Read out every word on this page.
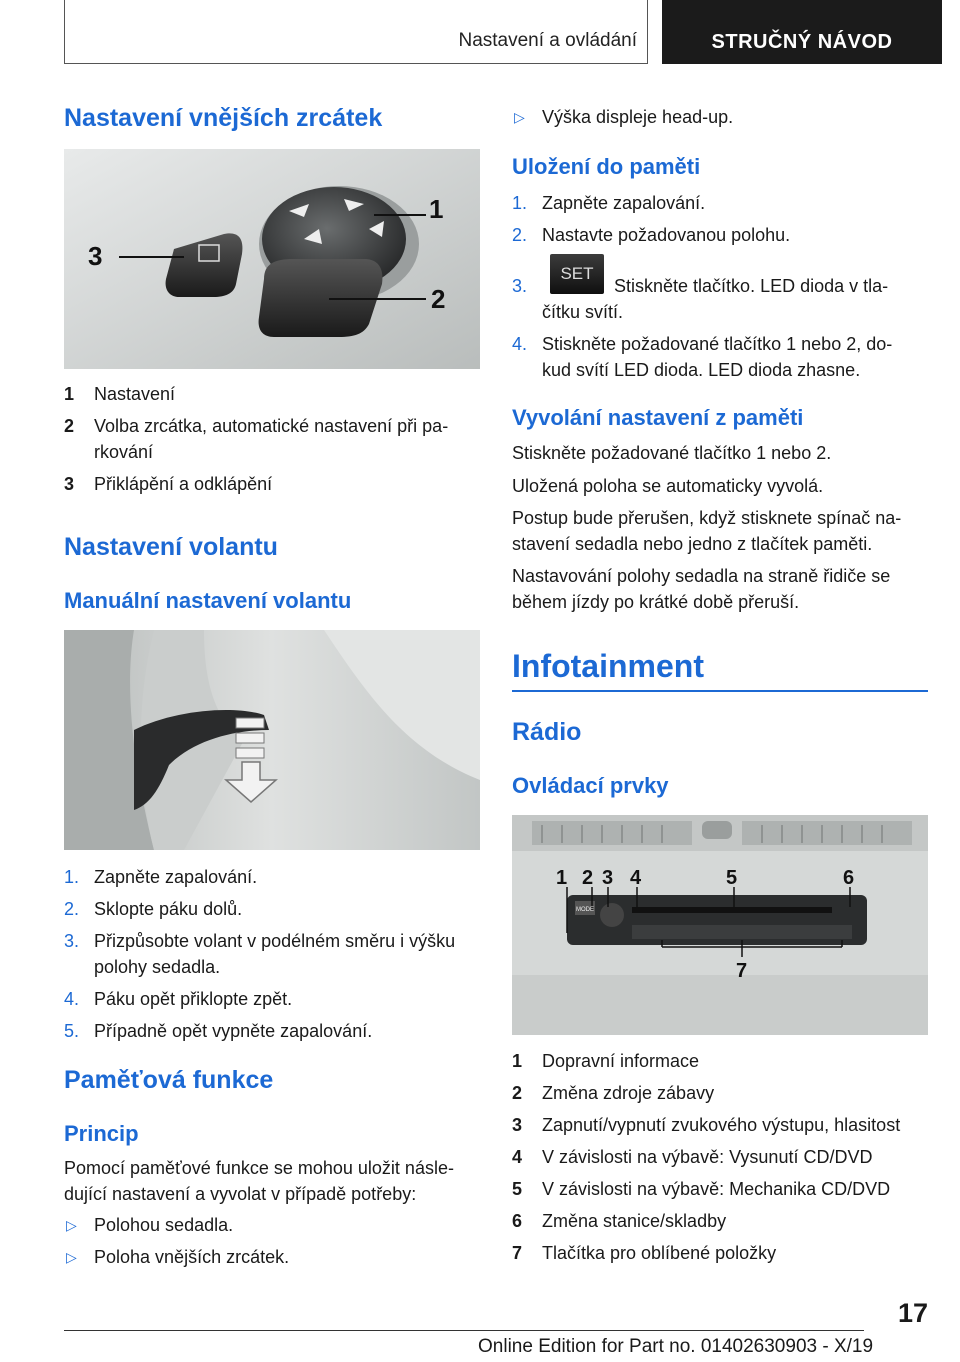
Nastavení a ovládání	STRUČNÝ NÁVOD
Nastavení vnějších zrcátek
1
2
3
1 Nastavení
2 Volba zrcátka, automatické nastavení při pa-
rkování
3 Přiklápění a odklápění
Nastavení volantu
Manuální nastavení volantu
1. Zapněte zapalování.
2. Sklopte páku dolů.
3. Přizpůsobte volant v podélném směru i výšku
polohy sedadla.
4. Páku opět přiklopte zpět.
5. Případně opět vypněte zapalování.
Paměťová funkce
Princip
Pomocí paměťové funkce se mohou uložit násle-
dující nastavení a vyvolat v případě potřeby:
▷ Polohou sedadla.
▷ Poloha vnějších zrcátek.
▷ Výška displeje head-up.
Uložení do paměti
1. Zapněte zapalování.
2. Nastavte požadovanou polohu.
3.
SET
Stiskněte tlačítko. LED dioda v tla-
čítku svítí.
4. Stiskněte požadované tlačítko 1 nebo 2, do-
kud svítí LED dioda. LED dioda zhasne.
Vyvolání nastavení z paměti
Stiskněte požadované tlačítko 1 nebo 2.
Uložená poloha se automaticky vyvolá.
Postup bude přerušen, když stisknete spínač na-
stavení sedadla nebo jedno z tlačítek paměti.
Nastavování polohy sedadla na straně řidiče se
během jízdy po krátké době přeruší.
Infotainment
Rádio
Ovládací prvky
MODE
1 2 3 4	5	6
7
1 Dopravní informace
2 Změna zdroje zábavy
3 Zapnutí/vypnutí zvukového výstupu, hlasitost
4 V závislosti na výbavě: Vysunutí CD/DVD
5 V závislosti na výbavě: Mechanika CD/DVD
6 Změna stanice/skladby
7 Tlačítka pro oblíbené položky
17
Online Edition for Part no. 01402630903 - X/19
